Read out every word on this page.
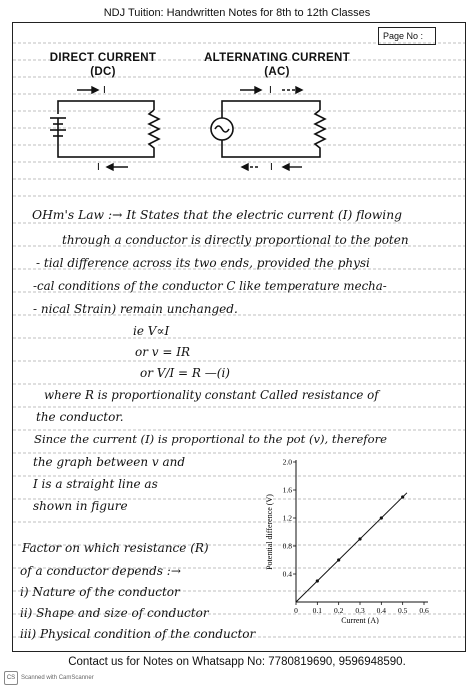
NDJ Tuition: Handwritten Notes for 8th to 12th Classes
Page No :
DIRECT CURRENT
(DC)
ALTERNATING CURRENT
(AC)
I
I
I
I
OHm's Law :→ It States that the electric current (I) flowing
through a conductor is directly proportional to the poten
- tial difference across its two ends, provided the physi
-cal conditions of the conductor C like temperature mecha-
- nical Strain) remain unchanged.
ie V∝I
or v = IR
or V/I = R —(i)
where R is proportionality constant Called resistance of
the conductor.
Since the current (I) is proportional to the pot (v), therefore
the graph between v and
I is a straight line as
shown in figure
Factor on which resistance (R)
of a conductor depends :→
i) Nature of the conductor
ii) Shape and size of conductor
iii) Physical condition of the conductor
0 0.1 0.2 0.3 0.4 0.5 0.6
0.4
0.8
1.2
1.6
2.0
Current (A)
Potential difference (V)
Contact us for Notes on Whatsapp No: 7780819690, 9596948590.
CS Scanned with CamScanner
